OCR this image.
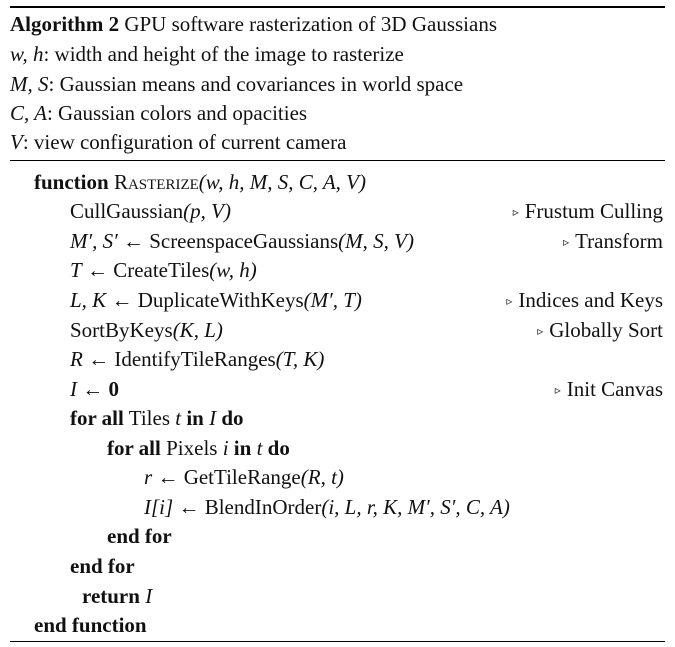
Algorithm 2 GPU software rasterization of 3D Gaussians
w, h: width and height of the image to rasterize
M, S: Gaussian means and covariances in world space
C, A: Gaussian colors and opacities
V: view configuration of current camera
function Rasterize(w, h, M, S, C, A, V)
CullGaussian(p, V)	▹ Frustum Culling
M′, S′ ← ScreenspaceGaussians(M, S, V)	▹ Transform
T ← CreateTiles(w, h)
L, K ← DuplicateWithKeys(M′, T)	▹ Indices and Keys
SortByKeys(K, L)	▹ Globally Sort
R ← IdentifyTileRanges(T, K)
I ← 0	▹ Init Canvas
for all Tiles t in I do
for all Pixels i in t do
r ← GetTileRange(R, t)
I[i] ← BlendInOrder(i, L, r, K, M′, S′, C, A)
end for
end for
return I
end function
